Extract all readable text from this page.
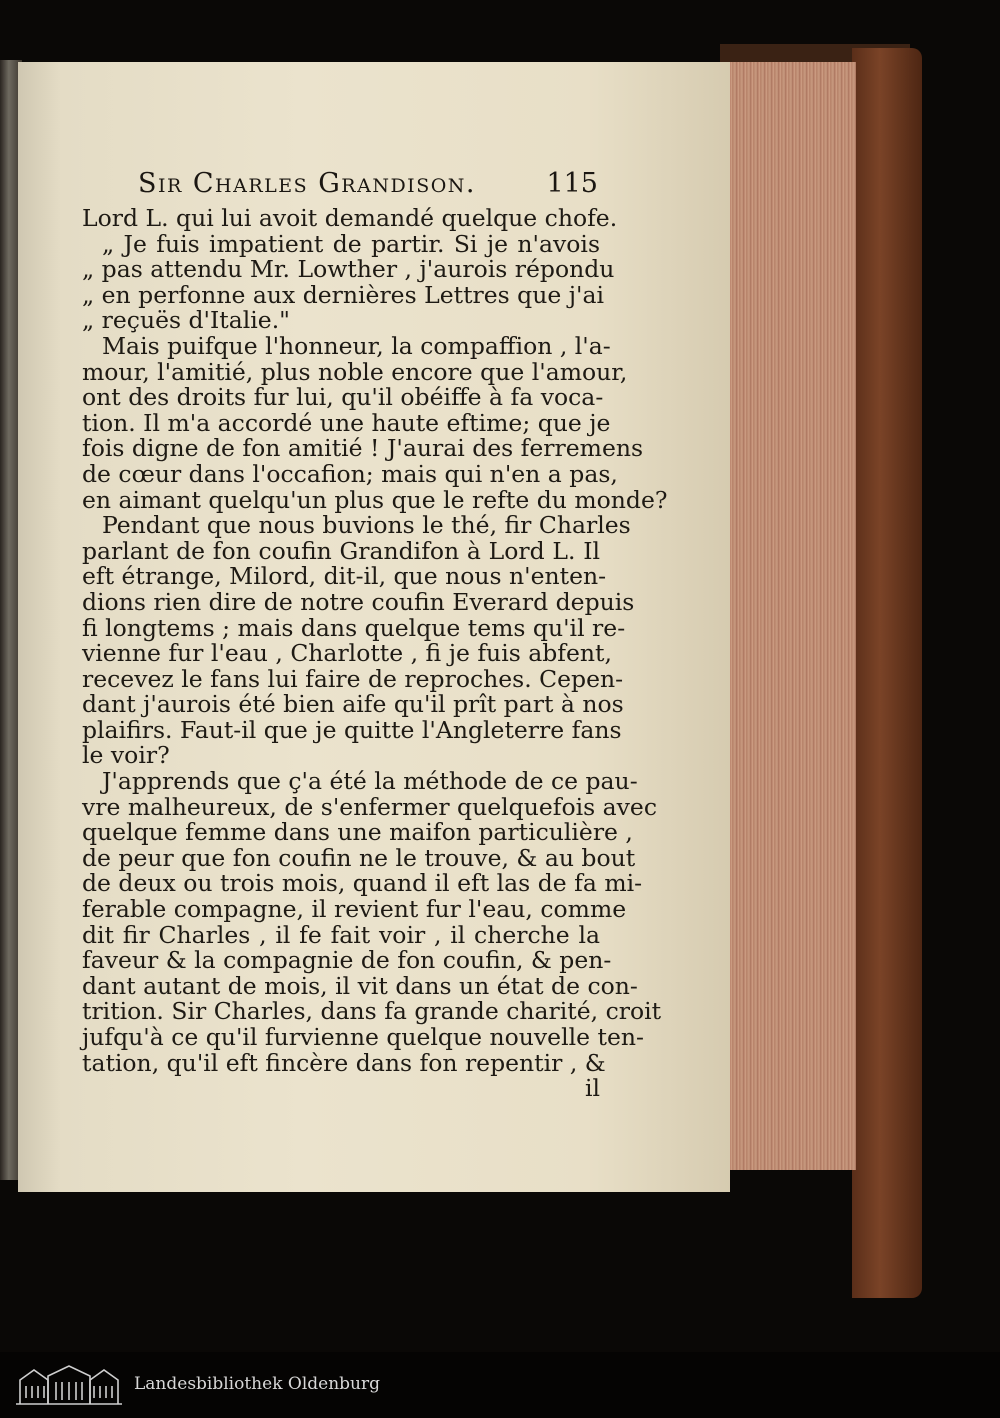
Sir Charles Grandison.	115
Lord L. qui lui avoit demandé quelque chofe.
„ Je fuis impatient de partir. Si je n'avois
„ pas attendu Mr. Lowther , j'aurois répondu
„ en perfonne aux dernières Lettres que j'ai
„ reçuës d'Italie."
Mais puifque l'honneur, la compaffion , l'a-
mour, l'amitié, plus noble encore que l'amour,
ont des droits fur lui, qu'il obéiffe à fa voca-
tion. Il m'a accordé une haute eftime; que je
fois digne de fon amitié ! J'aurai des ferremens
de cœur dans l'occafion; mais qui n'en a pas,
en aimant quelqu'un plus que le refte du monde?
Pendant que nous buvions le thé, fir Charles
parlant de fon coufin Grandifon à Lord L. Il
eft étrange, Milord, dit-il, que nous n'enten-
dions rien dire de notre coufin Everard depuis
fi longtems ; mais dans quelque tems qu'il re-
vienne fur l'eau , Charlotte , fi je fuis abfent,
recevez le fans lui faire de reproches. Cepen-
dant j'aurois été bien aife qu'il prît part à nos
plaifirs. Faut-il que je quitte l'Angleterre fans
le voir?
J'apprends que ç'a été la méthode de ce pau-
vre malheureux, de s'enfermer quelquefois avec
quelque femme dans une maifon particulière ,
de peur que fon coufin ne le trouve, & au bout
de deux ou trois mois, quand il eft las de fa mi-
ferable compagne, il revient fur l'eau, comme
dit fir Charles , il fe fait voir , il cherche la
faveur & la compagnie de fon coufin, & pen-
dant autant de mois, il vit dans un état de con-
trition. Sir Charles, dans fa grande charité, croit
jufqu'à ce qu'il furvienne quelque nouvelle ten-
tation, qu'il eft fincère dans fon repentir , &
il
Landesbibliothek Oldenburg
